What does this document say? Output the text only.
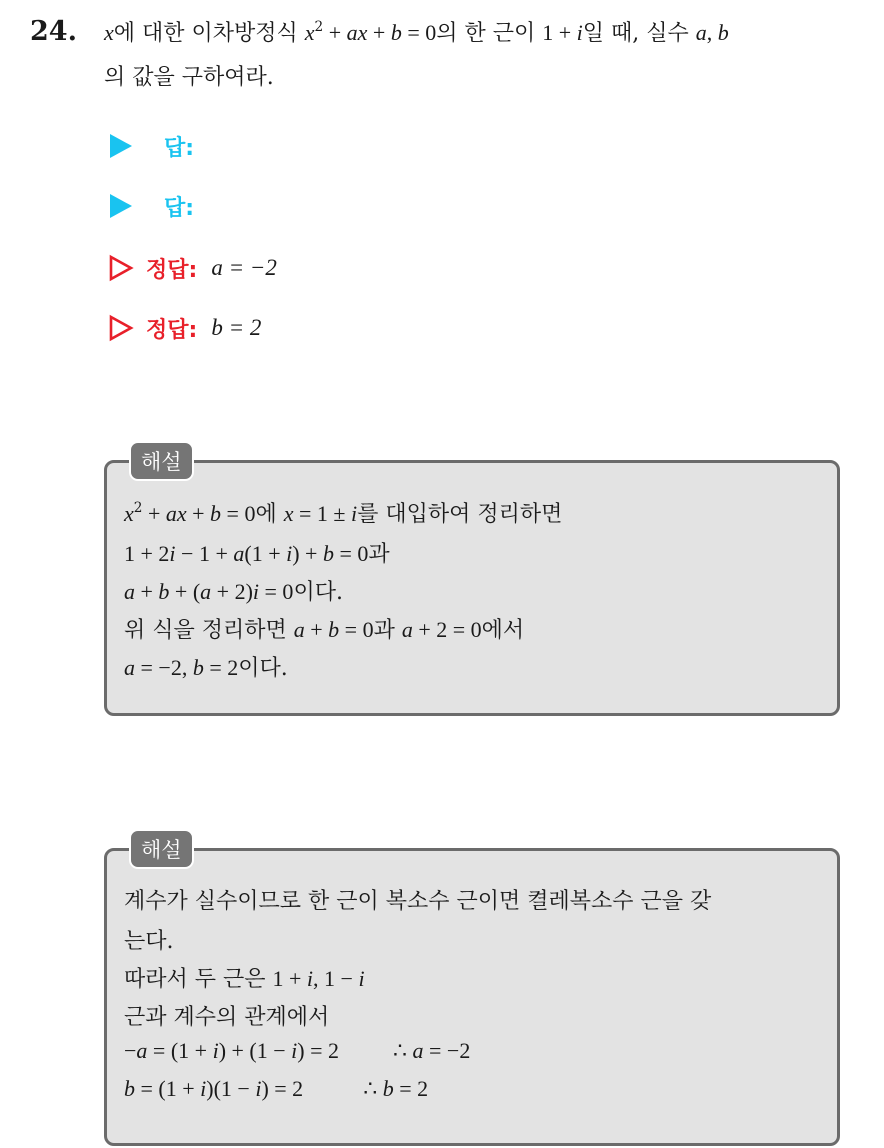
24. x에 대한 이차방정식 $x^2$ + ax + b = 0의 한 근이 1 + i일 때, 실수 a, b
의 값을 구하여라.
답:
답:
정답: a = −2
정답: b = 2
해설
$x^2$ + ax + b = 0에 x = 1 ± i를 대입하여 정리하면
1 + 2i − 1 + a(1 + i) + b = 0과
a + b + (a + 2)i = 0이다.
위 식을 정리하면 a + b = 0과 a + 2 = 0에서
a = −2, b = 2이다.
해설
계수가 실수이므로 한 근이 복소수 근이면 켤레복소수 근을 갖
는다.
따라서 두 근은 1 + i, 1 − i
근과 계수의 관계에서
−a = (1 + i) + (1 − i) = 2 ∴ a = −2
b = (1 + i)(1 − i) = 2	∴ b = 2
